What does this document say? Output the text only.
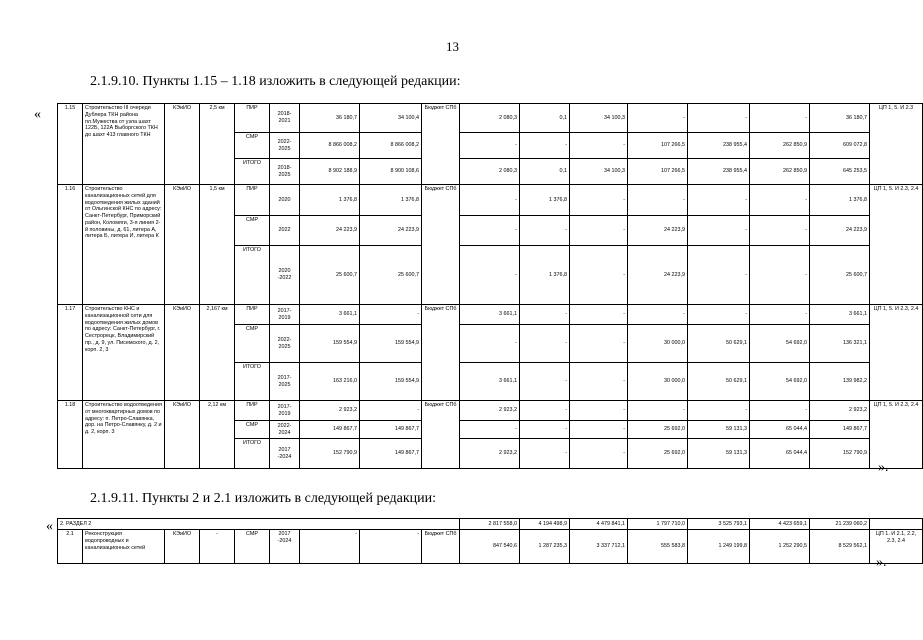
13
2.1.9.10. Пункты 1.15 – 1.18 изложить в следующей редакции:
«	1.15	Строительство III очереди Дублера ТКН района пл.Мужества от узла шахт 122Б, 122А Выборгского ТКН до шахт 413 главного ТКН	КЭиИО	2,5 км	ПИР	2018-2021	36 180,7	34 100,4	Бюджет СПб	2 080,3	0,1	34 100,3	-	-	-	36 180,7	ЦП 1, 5. И 2.3
				СМР	2022-2025	8 866 008,2	8 866 008,2		-	-	-	107 266,5	238 955,4	262 850,9	609 072,8	
				ИТОГО	2018-2025	8 902 188,9	8 900 108,6		2 080,3	0,1	34 100,3	107 266,5	238 955,4	262 850,9	645 253,5	
1.16	Строительство канализационных сетей для водоотведения жилых зданий от Ольгинской КНС по адресу: Санкт-Петербург, Приморский район, Коломяги, 3-я линия 2-й половины, д. 61, литера А, литера Б, литера И, литера К	КЭиИО	1,5 км	ПИР	2020	1 376,8	1 376,8	Бюджет СПб	-	1 376,8	-	-	-	-	1 376,8	ЦП 1, 5. И 2.3, 2.4
				СМР	2022	24 223,9	24 223,9		-	-	-	24 223,9	-	-	24 223,9	
				ИТОГО	2020 -2022	25 600,7	25 600,7		-	1 376,8	-	24 223,9	-	-	25 600,7	
1.17	Строительство КНС и канализационной сети для водоотведения жилых домов по адресу: Санкт-Петербург, г. Сестрорецк, Владимирский пр., д. 9, ул. Писемского, д. 2, корп. 2, 3	КЭиИО	2,167 км	ПИР	2017-2019	3 661,1	-	Бюджет СПб	3 661,1	-	-	-	-	-	3 661,1	ЦП 1, 5. И 2.3, 2.4
				СМР	2022-2025	159 554,9	159 554,9		-	-	-	30 000,0	50 629,1	54 692,0	136 321,1	
				ИТОГО	2017-2025	163 216,0	159 554,9		3 661,1	-	-	30 000,0	50 629,1	54 692,0	139 982,2	
1.18	Строительство водоотведения от многоквартирных домов по адресу: п. Петро-Славянка, дор. на Петро-Славянку, д. 2 и д. 2, корп. 3	КЭиИО	2,12 км	ПИР	2017-2019	2 923,2	-	Бюджет СПб	2 923,2	-	-	-	-	-	2 923,2	ЦП 1, 5. И 2.3, 2.4
				СМР	2022-2024	149 867,7	149 867,7		-	-	-	25 692,0	59 131,3	65 044,4	149 867,7	
				ИТОГО	2017 -2024	152 790,9	149 867,7		2 923,2	-	-	25 692,0	59 131,3	65 044,4	152 790,9	
».
2.1.9.11. Пункты 2 и 2.1 изложить в следующей редакции:
« 2. РАЗДЕЛ 2									2 817 558,0	4 194 498,9	4 479 841,1	1 797 710,0	3 525 793,1	4 423 659,1	21 239 060,2	
2.1	Реконструкция водопроводных и канализационных сетей	КЭиИО	-	СМР	2017 -2024	-	-	Бюджет СПб	847 540,6	1 287 235,3	3 337 712,1	555 583,8	1 249 199,8	1 252 290,5	8 529 562,1	ЦП 1. И 2.1, 2.2, 2.3, 2.4
».
